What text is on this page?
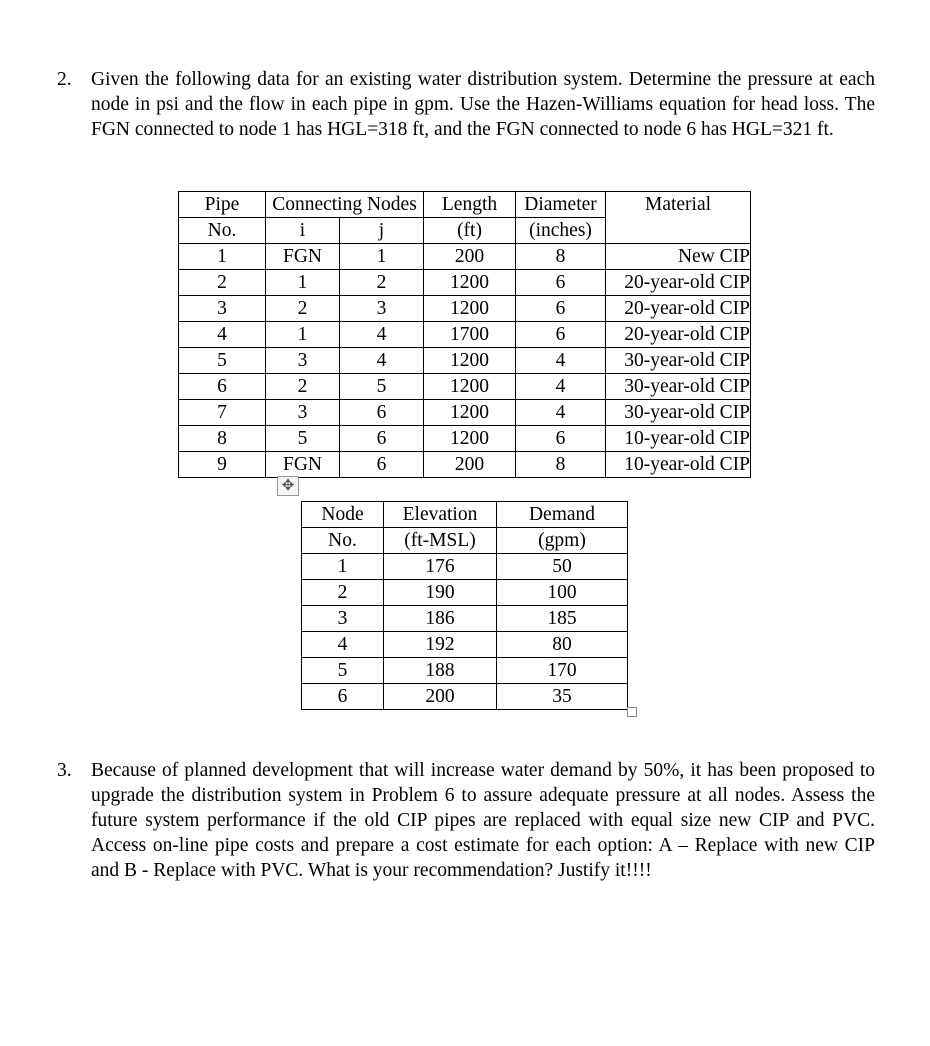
2. Given the following data for an existing water distribution system. Determine the pressure at each node in psi and the flow in each pipe in gpm. Use the Hazen-Williams equation for head loss. The FGN connected to node 1 has HGL=318 ft, and the FGN connected to node 6 has HGL=321 ft.
Pipe	Connecting Nodes		Length	Diameter	Material
No.	i	j	(ft)	(inches)	
1	FGN	1	200	8	New CIP
2	1	2	1200	6	20-year-old CIP
3	2	3	1200	6	20-year-old CIP
4	1	4	1700	6	20-year-old CIP
5	3	4	1200	4	30-year-old CIP
6	2	5	1200	4	30-year-old CIP
7	3	6	1200	4	30-year-old CIP
8	5	6	1200	6	10-year-old CIP
9	FGN	6	200	8	10-year-old CIP
✥
Node	Elevation	Demand
No.	(ft-MSL)	(gpm)
1	176	50
2	190	100
3	186	185
4	192	80
5	188	170
6	200	35
3. Because of planned development that will increase water demand by 50%, it has been proposed to upgrade the distribution system in Problem 6 to assure adequate pressure at all nodes. Assess the future system performance if the old CIP pipes are replaced with equal size new CIP and PVC. Access on-line pipe costs and prepare a cost estimate for each option: A – Replace with new CIP and B - Replace with PVC. What is your recommendation? Justify it!!!!
